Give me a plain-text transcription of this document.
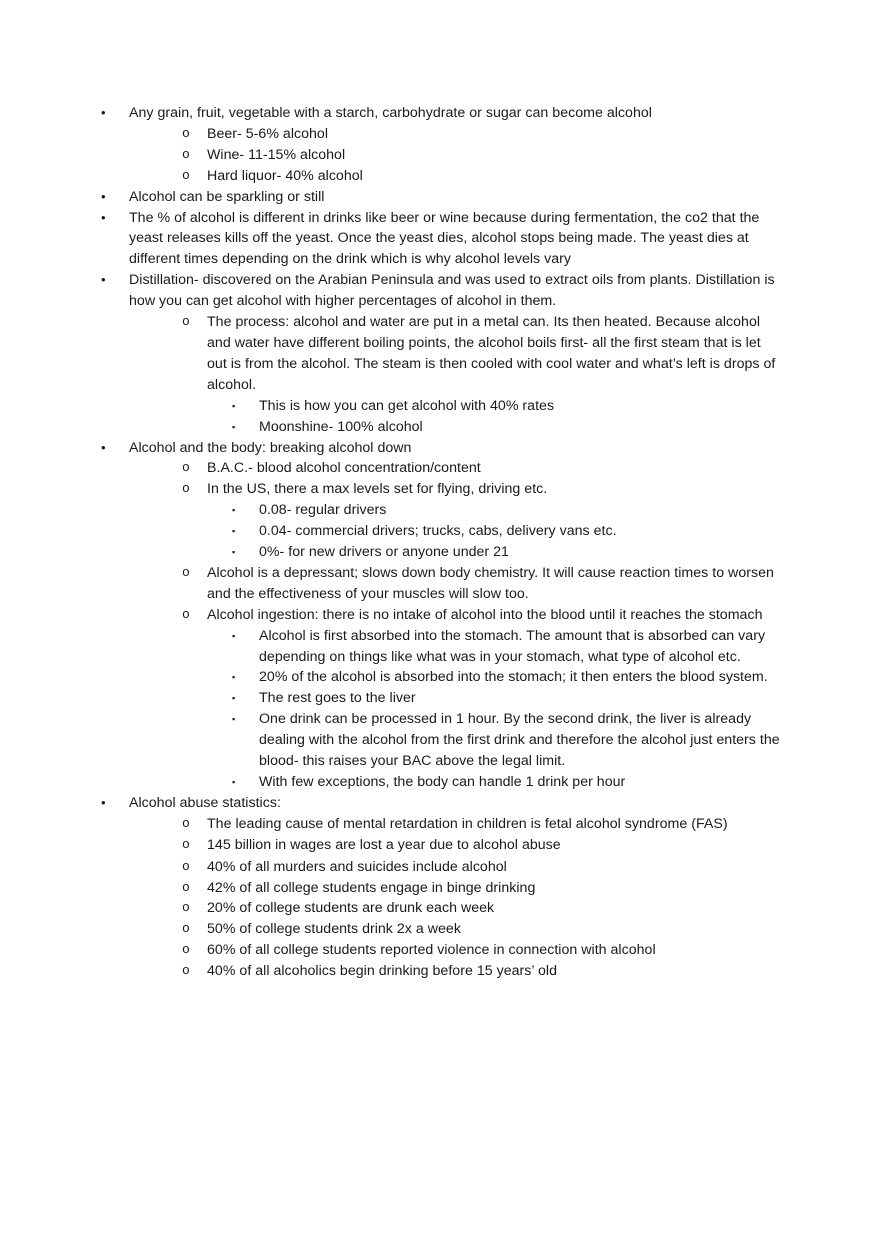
• Any grain, fruit, vegetable with a starch, carbohydrate or sugar can become alcohol
o Beer- 5-6% alcohol
o Wine- 11-15% alcohol
o Hard liquor- 40% alcohol
• Alcohol can be sparkling or still
• The % of alcohol is different in drinks like beer or wine because during fermentation, the co2 that the yeast releases kills off the yeast. Once the yeast dies, alcohol stops being made. The yeast dies at different times depending on the drink which is why alcohol levels vary
• Distillation- discovered on the Arabian Peninsula and was used to extract oils from plants. Distillation is how you can get alcohol with higher percentages of alcohol in them.
o The process: alcohol and water are put in a metal can. Its then heated. Because alcohol and water have different boiling points, the alcohol boils first- all the first steam that is let out is from the alcohol. The steam is then cooled with cool water and what’s left is drops of alcohol.
▪ This is how you can get alcohol with 40% rates
▪ Moonshine- 100% alcohol
• Alcohol and the body: breaking alcohol down
o B.A.C.- blood alcohol concentration/content
o In the US, there a max levels set for flying, driving etc.
▪ 0.08- regular drivers
▪ 0.04- commercial drivers; trucks, cabs, delivery vans etc.
▪ 0%- for new drivers or anyone under 21
o Alcohol is a depressant; slows down body chemistry. It will cause reaction times to worsen and the effectiveness of your muscles will slow too.
o Alcohol ingestion: there is no intake of alcohol into the blood until it reaches the stomach
▪ Alcohol is first absorbed into the stomach. The amount that is absorbed can vary depending on things like what was in your stomach, what type of alcohol etc.
▪ 20% of the alcohol is absorbed into the stomach; it then enters the blood system.
▪ The rest goes to the liver
▪ One drink can be processed in 1 hour. By the second drink, the liver is already dealing with the alcohol from the first drink and therefore the alcohol just enters the blood- this raises your BAC above the legal limit.
▪ With few exceptions, the body can handle 1 drink per hour
• Alcohol abuse statistics:
o The leading cause of mental retardation in children is fetal alcohol syndrome (FAS)
o 145 billion in wages are lost a year due to alcohol abuse
o 40% of all murders and suicides include alcohol
o 42% of all college students engage in binge drinking
o 20% of college students are drunk each week
o 50% of college students drink 2x a week
o 60% of all college students reported violence in connection with alcohol
o 40% of all alcoholics begin drinking before 15 years’ old
